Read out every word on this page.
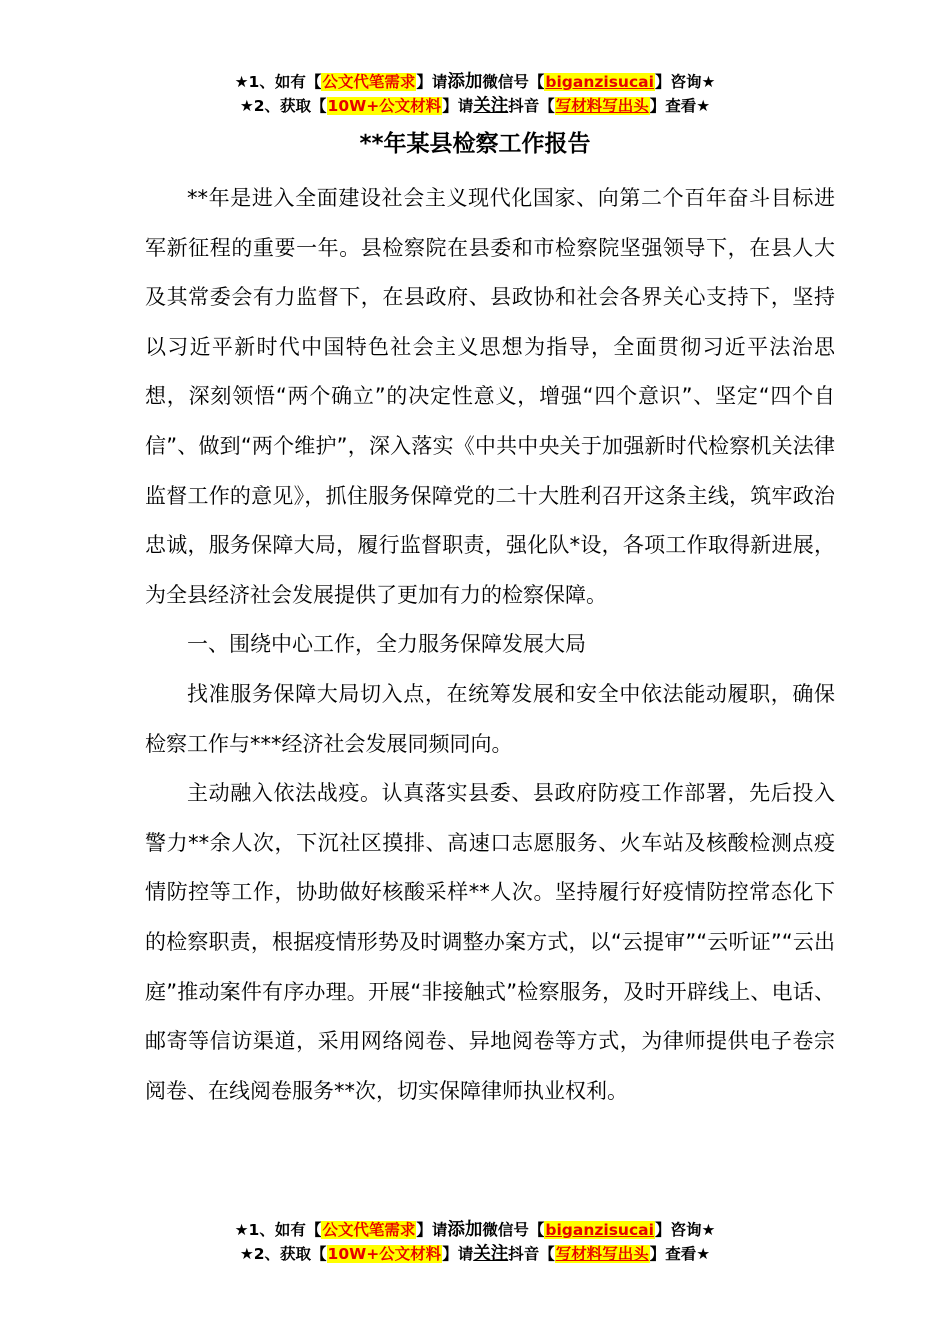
★1、如有【公文代笔需求】请添加微信号【biganzisucai】咨询★
★2、获取【10W+公文材料】请关注抖音【写材料写出头】查看★
**年某县检察工作报告

**年是进入全面建设社会主义现代化国家、向第二个百年奋斗目标进军新征程的重要一年。县检察院在县委和市检察院坚强领导下，在县人大及其常委会有力监督下，在县政府、县政协和社会各界关心支持下，坚持以习近平新时代中国特色社会主义思想为指导，全面贯彻习近平法治思想，深刻领悟“两个确立”的决定性意义，增强“四个意识”、坚定“四个自信”、做到“两个维护”，深入落实《中共中央关于加强新时代检察机关法律监督工作的意见》，抓住服务保障党的二十大胜利召开这条主线，筑牢政治忠诚，服务保障大局，履行监督职责，强化队*设，各项工作取得新进展，为全县经济社会发展提供了更加有力的检察保障。

一、围绕中心工作，全力服务保障发展大局

找准服务保障大局切入点，在统筹发展和安全中依法能动履职，确保检察工作与***经济社会发展同频同向。

主动融入依法战疫。认真落实县委、县政府防疫工作部署，先后投入警力**余人次，下沉社区摸排、高速口志愿服务、火车站及核酸检测点疫情防控等工作，协助做好核酸采样**人次。坚持履行好疫情防控常态化下的检察职责，根据疫情形势及时调整办案方式，以“云提审”“云听证”“云出庭”推动案件有序办理。开展“非接触式”检察服务，及时开辟线上、电话、邮寄等信访渠道，采用网络阅卷、异地阅卷等方式，为律师提供电子卷宗阅卷、在线阅卷服务**次，切实保障律师执业权利。

★1、如有【公文代笔需求】请添加微信号【biganzisucai】咨询★
★2、获取【10W+公文材料】请关注抖音【写材料写出头】查看★
